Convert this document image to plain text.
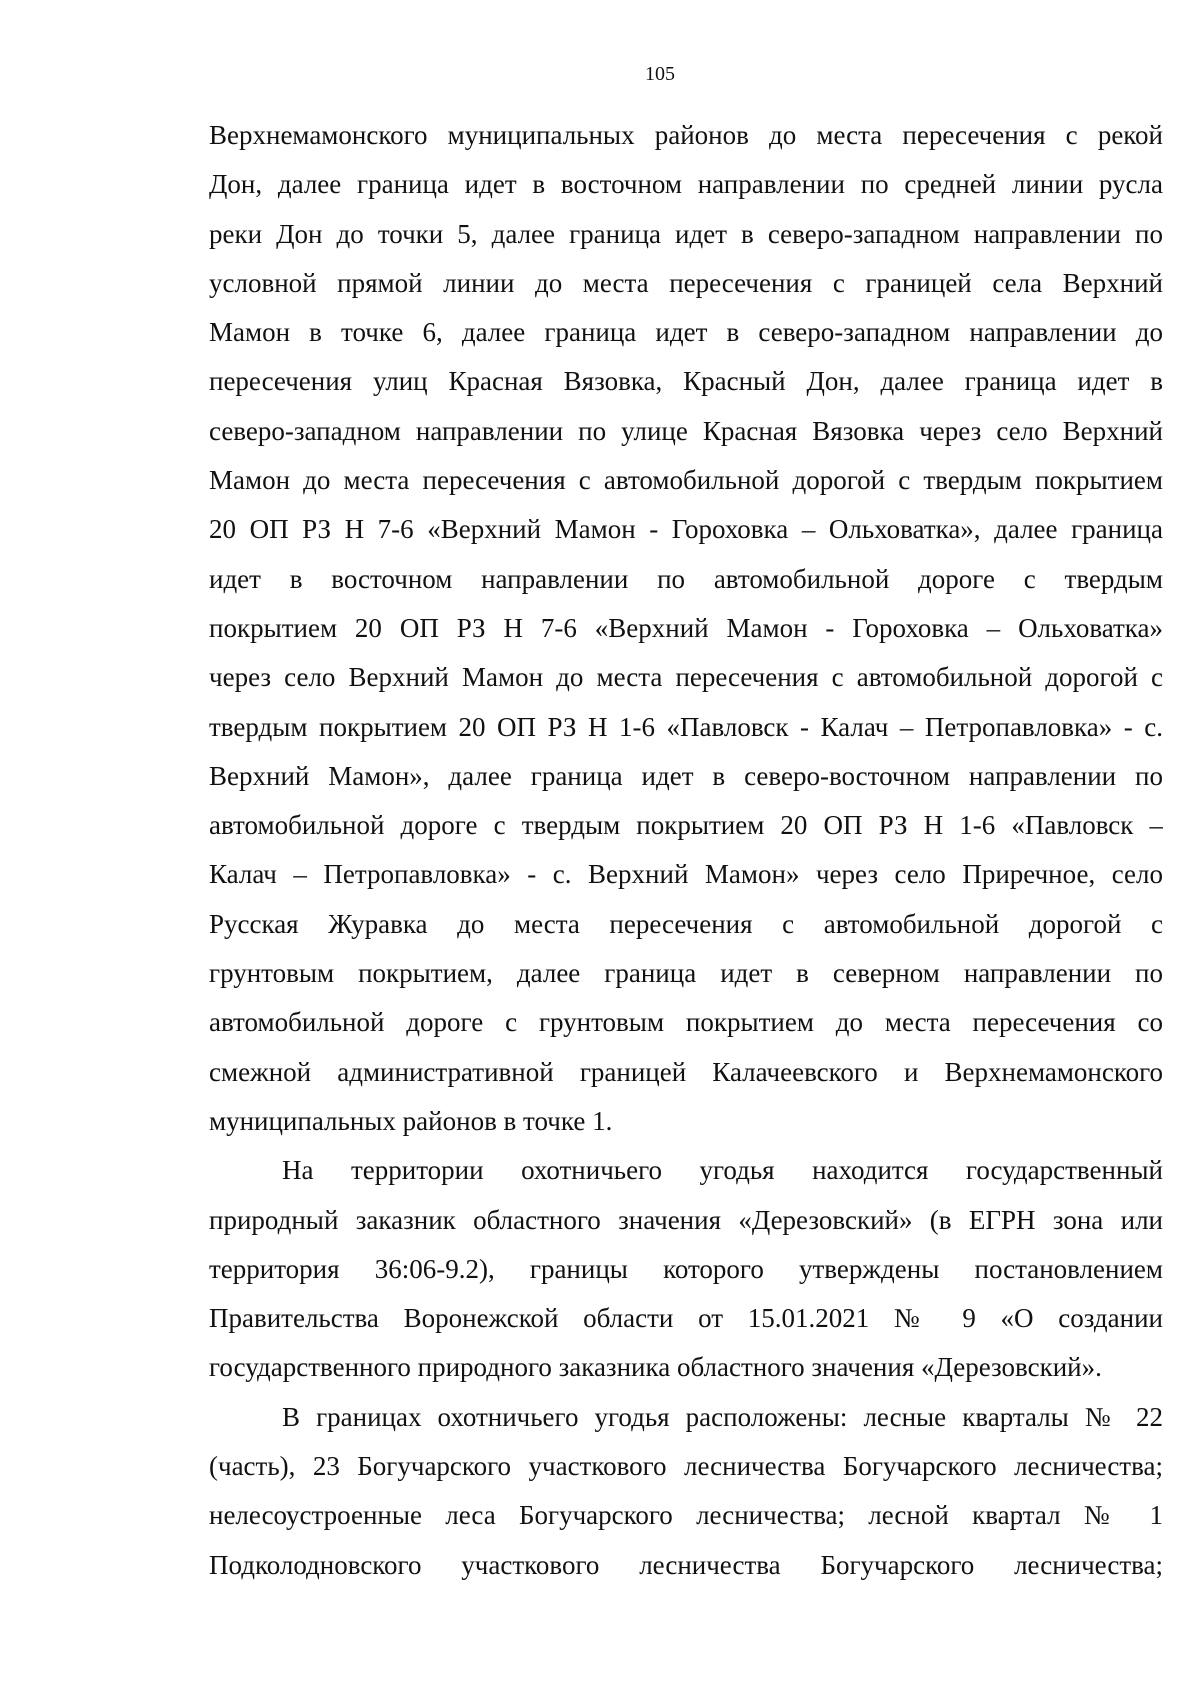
105
Верхнемамонского муниципальных районов до места пересечения с рекой
Дон, далее граница идет в восточном направлении по средней линии русла
реки Дон до точки 5, далее граница идет в северо-западном направлении по
условной прямой линии до места пересечения с границей села Верхний
Мамон в точке 6, далее граница идет в северо-западном направлении до
пересечения улиц Красная Вязовка, Красный Дон, далее граница идет в
северо-западном направлении по улице Красная Вязовка через село Верхний
Мамон до места пересечения с автомобильной дорогой с твердым покрытием
20 ОП РЗ Н 7-6 «Верхний Мамон - Гороховка – Ольховатка», далее граница
идет в восточном направлении по автомобильной дороге с твердым
покрытием 20 ОП РЗ Н 7-6 «Верхний Мамон - Гороховка – Ольховатка»
через село Верхний Мамон до места пересечения с автомобильной дорогой с
твердым покрытием 20 ОП РЗ Н 1-6 «Павловск - Калач – Петропавловка» - с.
Верхний Мамон», далее граница идет в северо-восточном направлении по
автомобильной дороге с твердым покрытием 20 ОП РЗ Н 1-6 «Павловск –
Калач – Петропавловка» - с. Верхний Мамон» через село Приречное, село
Русская Журавка до места пересечения с автомобильной дорогой с
грунтовым покрытием, далее граница идет в северном направлении по
автомобильной дороге с грунтовым покрытием до места пересечения со
смежной административной границей Калачеевского и Верхнемамонского
муниципальных районов в точке 1.
На территории охотничьего угодья находится государственный
природный заказник областного значения «Дерезовский» (в ЕГРН зона или
территория 36:06-9.2), границы которого утверждены постановлением
Правительства Воронежской области от 15.01.2021 № 9 «О создании
государственного природного заказника областного значения «Дерезовский».
В границах охотничьего угодья расположены: лесные кварталы № 22
(часть), 23 Богучарского участкового лесничества Богучарского лесничества;
нелесоустроенные леса Богучарского лесничества; лесной квартал № 1
Подколодновского участкового лесничества Богучарского лесничества;
